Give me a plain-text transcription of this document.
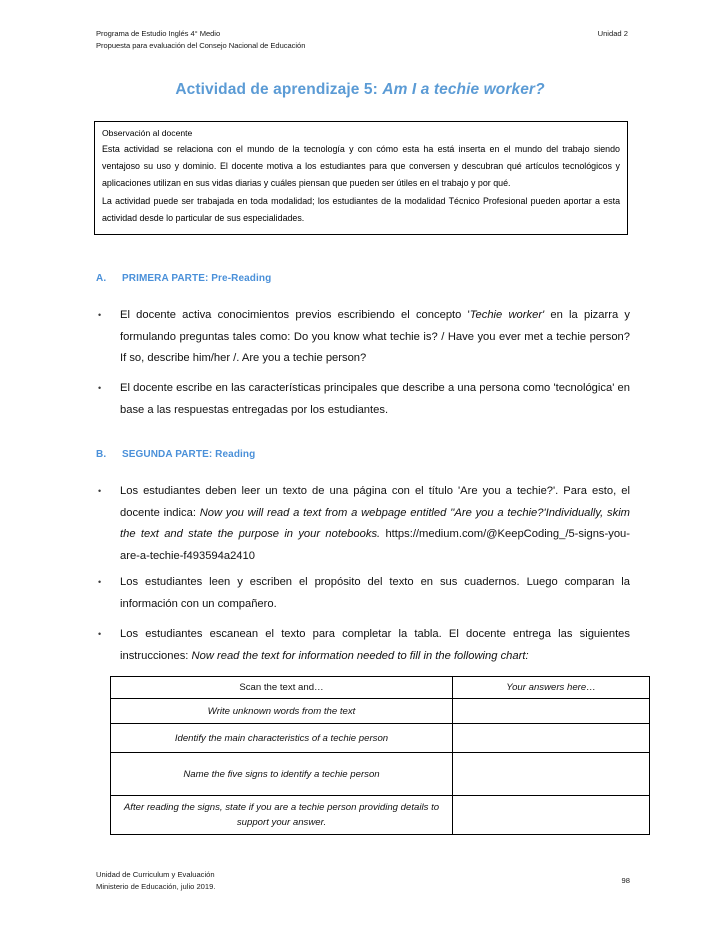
Programa de Estudio Inglés 4° Medio
Propuesta para evaluación del Consejo Nacional de Educación
Unidad 2
Actividad de aprendizaje 5: Am I a techie worker?
Observación al docente

Esta actividad se relaciona con el mundo de la tecnología y con cómo esta ha está inserta en el mundo del trabajo siendo ventajoso su uso y dominio. El docente motiva a los estudiantes para que conversen y descubran qué artículos tecnológicos y aplicaciones utilizan en sus vidas diarias y cuáles piensan que pueden ser útiles en el trabajo y por qué.

La actividad puede ser trabajada en toda modalidad; los estudiantes de la modalidad Técnico Profesional pueden aportar a esta actividad desde lo particular de sus especialidades.

A. PRIMERA PARTE: Pre-Reading
•	El docente activa conocimientos previos escribiendo el concepto 'Techie worker' en la pizarra y formulando preguntas tales como: Do you know what techie is? / Have you ever met a techie person? If so, describe him/her /. Are you a techie person?
•	El docente escribe en las características principales que describe a una persona como 'tecnológica' en base a las respuestas entregadas por los estudiantes.
B. SEGUNDA PARTE: Reading
•	Los estudiantes deben leer un texto de una página con el título 'Are you a techie?'. Para esto, el docente indica: Now you will read a text from a webpage entitled ''Are you a techie?'Individually, skim the text and state the purpose in your notebooks. https://medium.com/@KeepCoding_/5-signs-you-are-a-techie-f493594a2410
•	Los estudiantes leen y escriben el propósito del texto en sus cuadernos. Luego comparan la información con un compañero.
•	Los estudiantes escanean el texto para completar la tabla. El docente entrega las siguientes instrucciones: Now read the text for information needed to fill in the following chart:
Scan the text and…	Your answers here…
Write unknown words from the text	
Identify the main characteristics of a techie person	
Name the five signs to identify a techie person	
After reading the signs, state if you are a techie person providing details to support your answer.	
Unidad de Curriculum y Evaluación
Ministerio de Educación, julio 2019.
98
